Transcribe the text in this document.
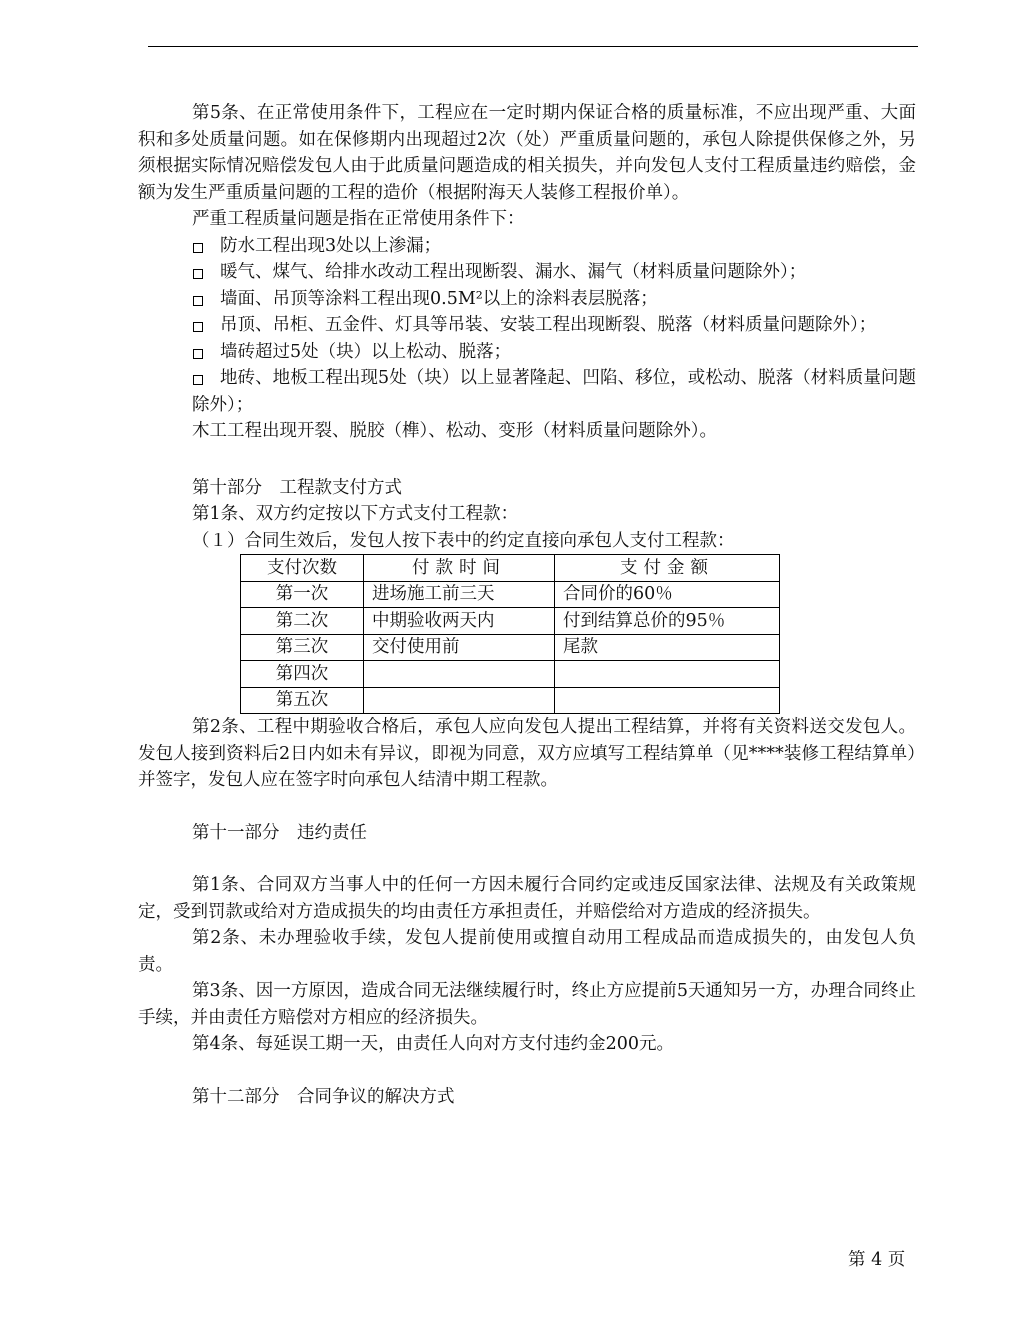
第5条、在正常使用条件下，工程应在一定时期内保证合格的质量标准，不应出现严重、大面积和多处质量问题。如在保修期内出现超过2次（处）严重质量问题的，承包人除提供保修之外，另须根据实际情况赔偿发包人由于此质量问题造成的相关损失，并向发包人支付工程质量违约赔偿，金额为发生严重质量问题的工程的造价（根据附海天人装修工程报价单）。

严重工程质量问题是指在正常使用条件下：

防水工程出现3处以上渗漏；

暖气、煤气、给排水改动工程出现断裂、漏水、漏气（材料质量问题除外）；

墙面、吊顶等涂料工程出现0.5M²以上的涂料表层脱落；

吊顶、吊柜、五金件、灯具等吊装、安装工程出现断裂、脱落（材料质量问题除外）；

墙砖超过5处（块）以上松动、脱落；

地砖、地板工程出现5处（块）以上显著隆起、凹陷、移位，或松动、脱落（材料质量问题除外）；

木工工程出现开裂、脱胶（榫）、松动、变形（材料质量问题除外）。

第十部分　工程款支付方式

第1条、双方约定按以下方式支付工程款：

（１）合同生效后，发包人按下表中的约定直接向承包人支付工程款：

支付次数	付款时间	支付金额
第一次	进场施工前三天	合同价的60％
第二次	中期验收两天内	付到结算总价的95％
第三次	交付使用前	尾款
第四次		
第五次		

第2条、工程中期验收合格后，承包人应向发包人提出工程结算，并将有关资料送交发包人。发包人接到资料后2日内如未有异议，即视为同意，双方应填写工程结算单（见****装修工程结算单）并签字，发包人应在签字时向承包人结清中期工程款。

第十一部分　违约责任

第1条、合同双方当事人中的任何一方因未履行合同约定或违反国家法律、法规及有关政策规定，受到罚款或给对方造成损失的均由责任方承担责任，并赔偿给对方造成的经济损失。

第2条、未办理验收手续，发包人提前使用或擅自动用工程成品而造成损失的，由发包人负责。

第3条、因一方原因，造成合同无法继续履行时，终止方应提前5天通知另一方，办理合同终止手续，并由责任方赔偿对方相应的经济损失。

第4条、每延误工期一天，由责任人向对方支付违约金200元。

第十二部分　合同争议的解决方式

第 4 页
